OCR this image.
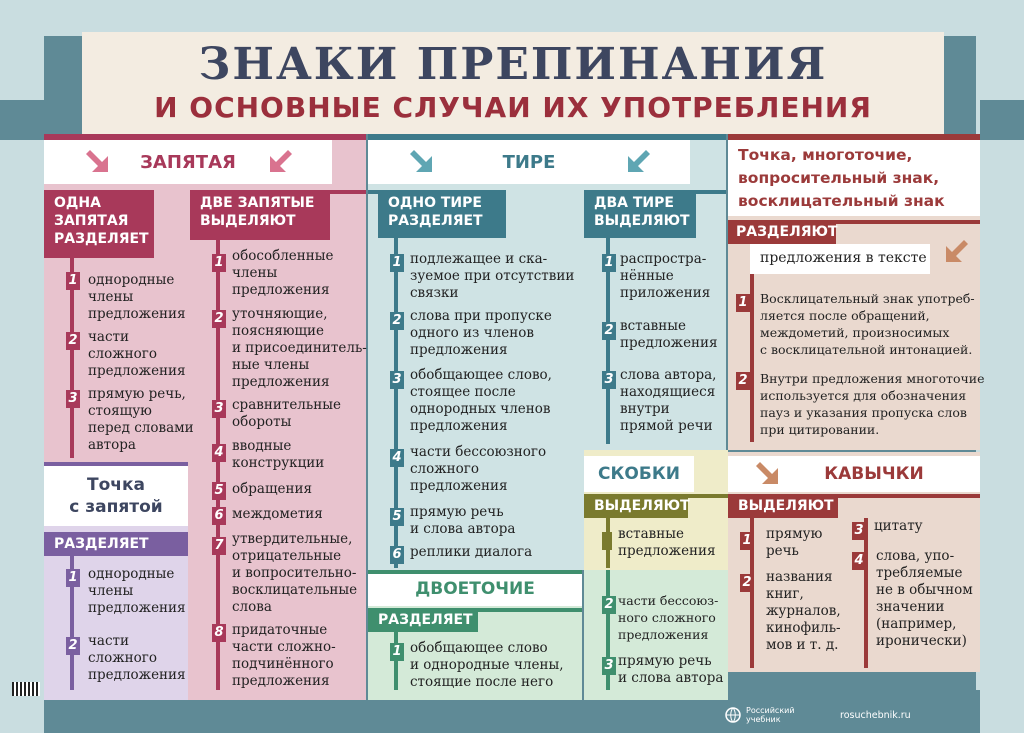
ЗНАКИ ПРЕПИНАНИЯ
И ОСНОВНЫЕ СЛУЧАИ ИХ УПОТРЕБЛЕНИЯ
ЗАПЯТАЯ
ОДНА
ЗАПЯТАЯ
РАЗДЕЛЯЕТ
1 однородные
члены
предложения
2 части
сложного
предложения
3 прямую речь,
стоящую
перед словами
автора
ДВЕ ЗАПЯТЫЕ
ВЫДЕЛЯЮТ
1 обособленные
члены
предложения
2 уточняющие,
поясняющие
и присоединитель-
ные члены
предложения
3 сравнительные
обороты
4 вводные
конструкции
5 обращения
6 междометия
7 утвердительные,
отрицательные
и вопросительно-
восклицательные
слова
8 придаточные
части сложно-
подчинённого
предложения
Точка
с запятой
РАЗДЕЛЯЕТ
1 однородные
члены
предложения
2 части
сложного
предложения
ТИРЕ
ОДНО ТИРЕ
РАЗДЕЛЯЕТ
1 подлежащее и ска-
зуемое при отсутствии
связки
2 слова при пропуске
одного из членов
предложения
3 обобщающее слово,
стоящее после
однородных членов
предложения
4 части бессоюзного
сложного
предложения
5 прямую речь
и слова автора
6 реплики диалога
ДВА ТИРЕ
ВЫДЕЛЯЮТ
1 распростра-
нённые
приложения
2 вставные
предложения
3 слова автора,
находящиеся
внутри
прямой речи
ДВОЕТОЧИЕ
РАЗДЕЛЯЕТ
1 обобщающее слово
и однородные члены,
стоящие после него
2 части бессоюз-
ного сложного
предложения
3 прямую речь
и слова автора
СКОБКИ
ВЫДЕЛЯЮТ
вставные
предложения
Точка, многоточие,
вопросительный знак,
восклицательный знак
РАЗДЕЛЯЮТ
предложения в тексте
1 Восклицательный знак употреб-
ляется после обращений,
междометий, произносимых
с восклицательной интонацией.
2 Внутри предложения многоточие
используется для обозначения
пауз и указания пропуска слов
при цитировании.
КАВЫЧКИ
ВЫДЕЛЯЮТ
1 прямую
речь
2 названия
книг,
журналов,
кинофиль-
мов и т. д.
3 цитату
4 слова, упо-
требляемые
не в обычном
значении
(например,
иронически)
Российский учебник	rosuchebnik.ru
